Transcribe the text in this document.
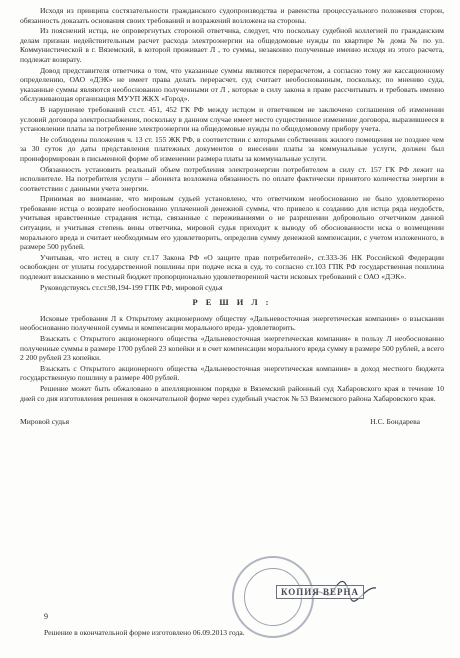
Исходя из принципа состязательности гражданского судопроизводства и равенства процессуального положения сторон, обязанность доказать основания своих требований и возражений возложена на стороны.

Из пояснений истца, не опровергнутых стороной ответчика, следует, что поскольку судебной коллегией по гражданским делам признан недействительным расчет расхода электроэнергии на общедомовые нужды по квартире № дома № по ул. Коммунистической в г. Вяземский, в которой проживает Л , то суммы, незаконно полученные именно исходя из этого расчета, подлежат возврату.

Довод представителя ответчика о том, что указанные суммы являются перерасчетом, а согласно тому же кассационному определению, ОАО «ДЭК» не имеет права делать перерасчет, суд считает необоснованным, поскольку, по мнению суда, указанные суммы являются необоснованно полученными от Л , которые в силу закона в праве рассчитывать и требовать именно обслуживающая организация МУУП ЖКХ «Город».

В нарушение требований ст.ст. 451, 452 ГК РФ между истцом и ответчиком не заключено соглашения об изменении условий договора электроснабжения, поскольку в данном случае имеет место существенное изменение договора, выразившееся в установлении платы за потребление электроэнергии на общедомовые нужды по общедомовому прибору учета.

Не соблюдены положения ч. 13 ст. 155 ЖК РФ, в соответствии с которыми собственник жилого помещения не позднее чем за 30 суток до даты представления платежных документов о внесении платы за коммунальные услуги, должен был проинформирован в письменной форме об изменении размера платы за коммунальные услуги.

Обязанность установить реальный объем потребления электроэнергии потребителем в силу ст. 157 ГК РФ лежит на исполнителе. На потребителя услуги – абонента возложена обязанность по оплате фактически принятого количества энергии в соответствии с данными учета энергии.

Принимая во внимание, что мировым судьей установлено, что ответчиком необоснованно не было удовлетворено требование истца о возврате необоснованно уплаченной денежной суммы, что привело к созданию для истца ряда неудобств, учитывая нравственные страдания истца, связанные с переживаниями о не разрешении добровольно отчетчиком данной ситуации, и учитывая степень вины ответчика, мировой судья приходит к выводу об обоснованности иска о возмещении морального вреда и считает необходимым его удовлетворить, определив сумму денежной компенсации, с учетом изложенного, в размере 500 рублей.

Учитывая, что истец в силу ст.17 Закона РФ «О защите прав потребителей», ст.333-36 НК Российской Федерации освобожден от уплаты государственной пошлины при подаче иска в суд, то согласно ст.103 ГПК РФ государственная пошлина подлежит взысканию в местный бюджет пропорционально удовлетворенной части исковых требований с ОАО «ДЭК».

Руководствуясь ст.ст.98,194-199 ГПК РФ, мировой судья

Р Е Ш И Л :

Исковые требования Л к Открытому акционерному обществу «Дальневосточная энергетическая компания» о взыскании необоснованно полученной суммы и компенсации морального вреда- удовлетворить.

Взыскать с Открытого акционерного общества «Дальневосточная энергетическая компания» в пользу Л необоснованно полученные суммы в размере 1700 рублей 23 копейки и в счет компенсации морального вреда сумму в размере 500 рублей, а всего 2 200 рублей 23 копейки.

Взыскать с Открытого акционерного общества «Дальневосточная энергетическая компания» в доход местного бюджета государственную пошлину в размере 400 рублей.

Решение может быть обжаловано в апелляционном порядке в Вяземский районный суд Хабаровского края в течение 10 дней со дня изготовления решения в окончательной форме через судебный участок № 53 Вяземского района Хабаровского края.

Мировой судья	Н.С. Бондарева
КОПИЯ ВЕРНА
9
Решение в окончательной форме изготовлено 06.09.2013 года.
